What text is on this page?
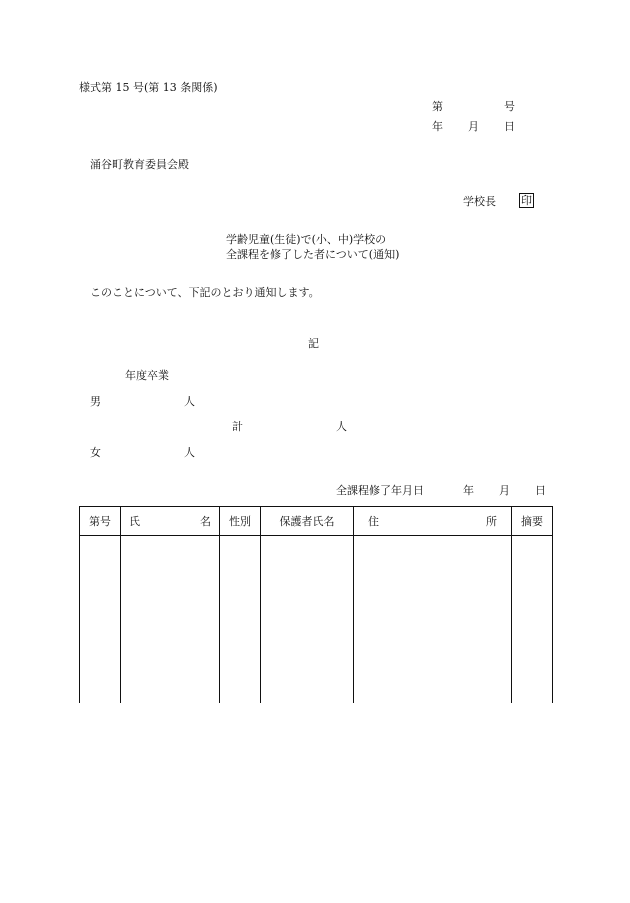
様式第 15 号(第 13 条関係)
第	号
年 月 日
涌谷町教育委員会殿
学校長 印
学齢児童(生徒)で(小、中)学校の
全課程を修了した者について(通知)
このことについて、下記のとおり通知します。
記
年度卒業
男	人
計	人
女	人
全課程修了年月日	年 月 日
第号	氏 名	性別	保護者氏名	住 所	摘要
